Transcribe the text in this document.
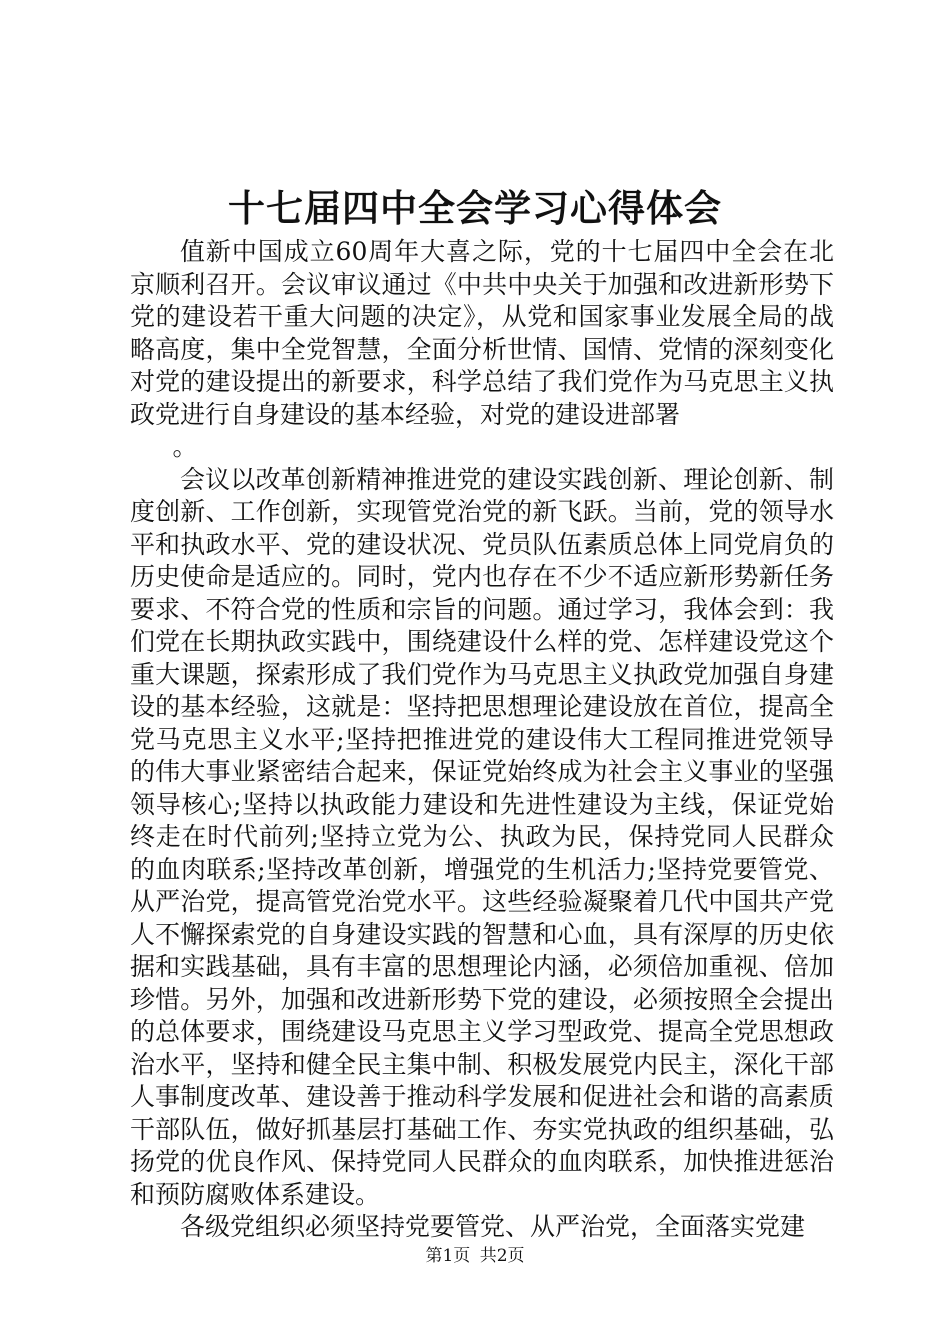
十七届四中全会学习心得体会

值新中国成立60周年大喜之际，党的十七届四中全会在北京顺利召开。会议审议通过《中共中央关于加强和改进新形势下党的建设若干重大问题的决定》，从党和国家事业发展全局的战略高度，集中全党智慧，全面分析世情、国情、党情的深刻变化对党的建设提出的新要求，科学总结了我们党作为马克思主义执政党进行自身建设的基本经验，对党的建设进部署

。

会议以改革创新精神推进党的建设实践创新、理论创新、制度创新、工作创新，实现管党治党的新飞跃。当前，党的领导水平和执政水平、党的建设状况、党员队伍素质总体上同党肩负的历史使命是适应的。同时，党内也存在不少不适应新形势新任务要求、不符合党的性质和宗旨的问题。通过学习，我体会到：我们党在长期执政实践中，围绕建设什么样的党、怎样建设党这个重大课题，探索形成了我们党作为马克思主义执政党加强自身建设的基本经验，这就是：坚持把思想理论建设放在首位，提高全党马克思主义水平;坚持把推进党的建设伟大工程同推进党领导的伟大事业紧密结合起来，保证党始终成为社会主义事业的坚强领导核心;坚持以执政能力建设和先进性建设为主线，保证党始终走在时代前列;坚持立党为公、执政为民，保持党同人民群众的血肉联系;坚持改革创新，增强党的生机活力;坚持党要管党、从严治党，提高管党治党水平。这些经验凝聚着几代中国共产党人不懈探索党的自身建设实践的智慧和心血，具有深厚的历史依据和实践基础，具有丰富的思想理论内涵，必须倍加重视、倍加珍惜。另外，加强和改进新形势下党的建设，必须按照全会提出的总体要求，围绕建设马克思主义学习型政党、提高全党思想政治水平，坚持和健全民主集中制、积极发展党内民主，深化干部人事制度改革、建设善于推动科学发展和促进社会和谐的高素质干部队伍，做好抓基层打基础工作、夯实党执政的组织基础，弘扬党的优良作风、保持党同人民群众的血肉联系，加快推进惩治和预防腐败体系建设。

各级党组织必须坚持党要管党、从严治党，全面落实党建

第1页 共2页
